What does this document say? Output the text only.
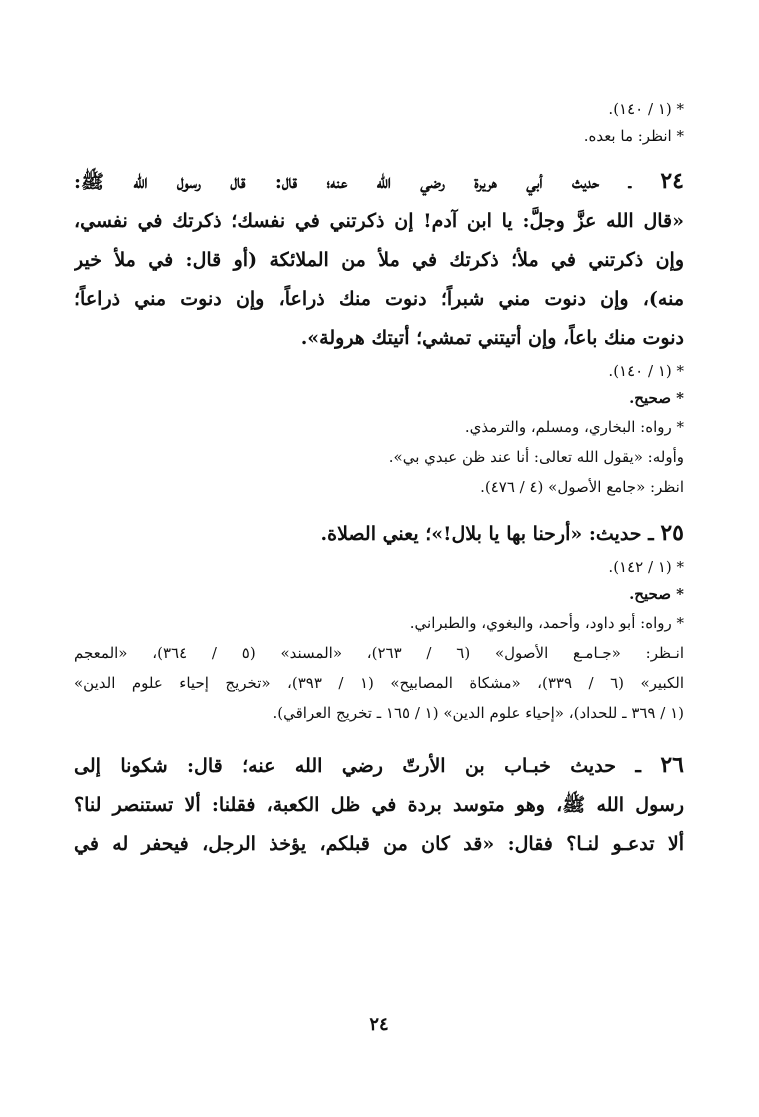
* (١ / ١٤٠).
* انظر: ما بعده.
٢٤ ـ حديث أبي هريرة رضي الله عنه؛ قال: قال رسول الله ﷺ:
«قال الله عزَّ وجلَّ: يا ابن آدم! إن ذكرتني في نفسك؛ ذكرتك في نفسي،
وإن ذكرتني في ملأ؛ ذكرتك في ملأ من الملائكة (أو قال: في ملأ خير
منه)، وإن دنوت مني شبراً؛ دنوت منك ذراعاً، وإن دنوت مني ذراعاً؛
دنوت منك باعاً، وإن أتيتني تمشي؛ أتيتك هرولة».
* (١ / ١٤٠).
* صحيح.
* رواه: البخاري، ومسلم، والترمذي.
وأوله: «يقول الله تعالى: أنا عند ظن عبدي بي».
انظر: «جامع الأصول» (٤ / ٤٧٦).
٢٥ ـ حديث: «أرحنا بها يا بلال!»؛ يعني الصلاة.
* (١ / ١٤٢).
* صحيح.
* رواه: أبو داود، وأحمد، والبغوي، والطبراني.
انـظر: «جـامـع الأصول» (٦ / ٢٦٣)، «المسند» (٥ / ٣٦٤)، «المعجم
الكبير» (٦ / ٣٣٩)، «مشكاة المصابيح» (١ / ٣٩٣)، «تخريج إحياء علوم الدين»
(١ / ٣٦٩ ـ للحداد)، «إحياء علوم الدين» (١ / ١٦٥ ـ تخريج العراقي).
٢٦ ـ حديث خبـاب بن الأرتّ رضي الله عنه؛ قال: شكونا إلى
رسول الله ﷺ، وهو متوسد بردة في ظل الكعبة، فقلنا: ألا تستنصر لنا؟
ألا تدعـو لنـا؟ فقال: «قد كان من قبلكم، يؤخذ الرجل، فيحفر له في
٢٤
